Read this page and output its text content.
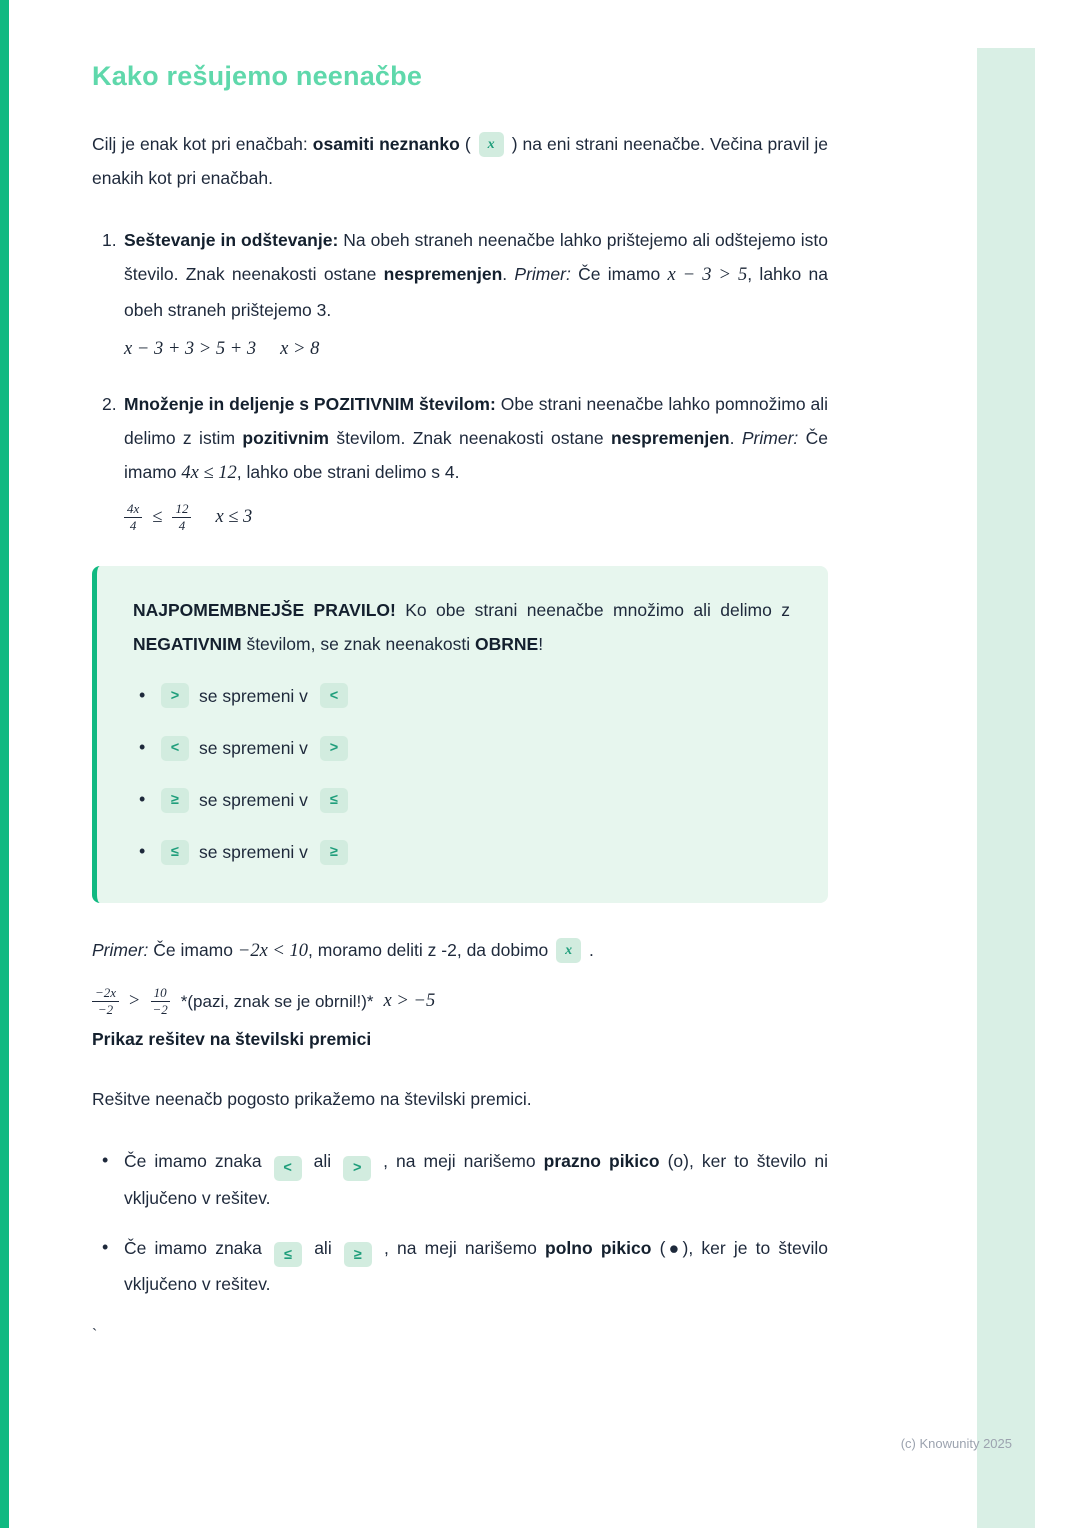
Kako rešujemo neenačbe

Cilj je enak kot pri enačbah: osamiti neznanko ( x ) na eni strani neenačbe. Večina pravil je enakih kot pri enačbah.

1. Seštevanje in odštevanje: Na obeh straneh neenačbe lahko prištejemo ali odštejemo isto število. Znak neenakosti ostane nespremenjen. Primer: Če imamo x − 3 > 5, lahko na obeh straneh prištejemo 3.
x − 3 + 3 > 5 + 3 x > 8
2. Množenje in deljenje s POZITIVNIM številom: Obe strani neenačbe lahko pomnožimo ali delimo z istim pozitivnim številom. Znak neenakosti ostane nespremenjen. Primer: Če imamo 4x ≤ 12, lahko obe strani delimo s 4.
$\frac{4x}{4} \le \frac{12}{4}$ x ≤ 3

NAJPOMEMBNEJŠE PRAVILO! Ko obe strani neenačbe množimo ali delimo z NEGATIVNIM številom, se znak neenakosti OBRNE!

• >	se spremeni v	<
• <	se spremeni v	>
• ≥	se spremeni v	≤
• ≤	se spremeni v	≥

Primer: Če imamo −2x < 10, moramo deliti z -2, da dobimo x .

$\frac{-2x}{-2} > \frac{10}{-2}$ *(pazi, znak se je obrnil!)* x > −5
Prikaz rešitev na številski premici

Rešitve neenačb pogosto prikažemo na številski premici.

• Če imamo znaka < ali > , na meji narišemo prazno pikico (o), ker to število ni vključeno v rešitev.
• Če imamo znaka ≤ ali ≥ , na meji narišemo polno pikico (●), ker je to število vključeno v rešitev.
`
(c) Knowunity 2025
